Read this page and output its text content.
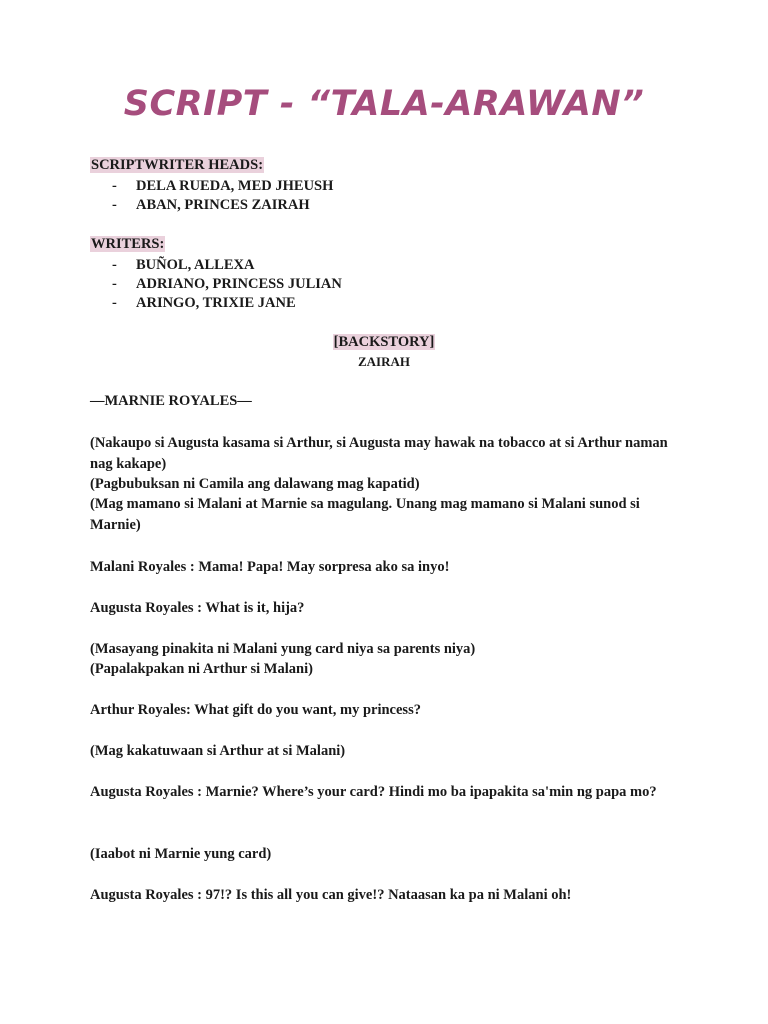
SCRIPT - “TALA-ARAWAN”
SCRIPTWRITER HEADS:
- DELA RUEDA, MED JHEUSH
- ABAN, PRINCES ZAIRAH
WRITERS:
- BUÑOL, ALLEXA
- ADRIANO, PRINCESS JULIAN
- ARINGO, TRIXIE JANE
[BACKSTORY]
ZAIRAH
—MARNIE ROYALES—

(Nakaupo si Augusta kasama si Arthur, si Augusta may hawak na tobacco at si Arthur naman nag kakape)

(Pagbubuksan ni Camila ang dalawang mag kapatid)

(Mag mamano si Malani at Marnie sa magulang. Unang mag mamano si Malani sunod si Marnie)

Malani Royales : Mama! Papa! May sorpresa ako sa inyo!

Augusta Royales : What is it, hija?

(Masayang pinakita ni Malani yung card niya sa parents niya)

(Papalakpakan ni Arthur si Malani)

Arthur Royales: What gift do you want, my princess?

(Mag kakatuwaan si Arthur at si Malani)

Augusta Royales : Marnie? Where’s your card? Hindi mo ba ipapakita sa'min ng papa mo?

(Iaabot ni Marnie yung card)

Augusta Royales : 97!? Is this all you can give!? Nataasan ka pa ni Malani oh!
